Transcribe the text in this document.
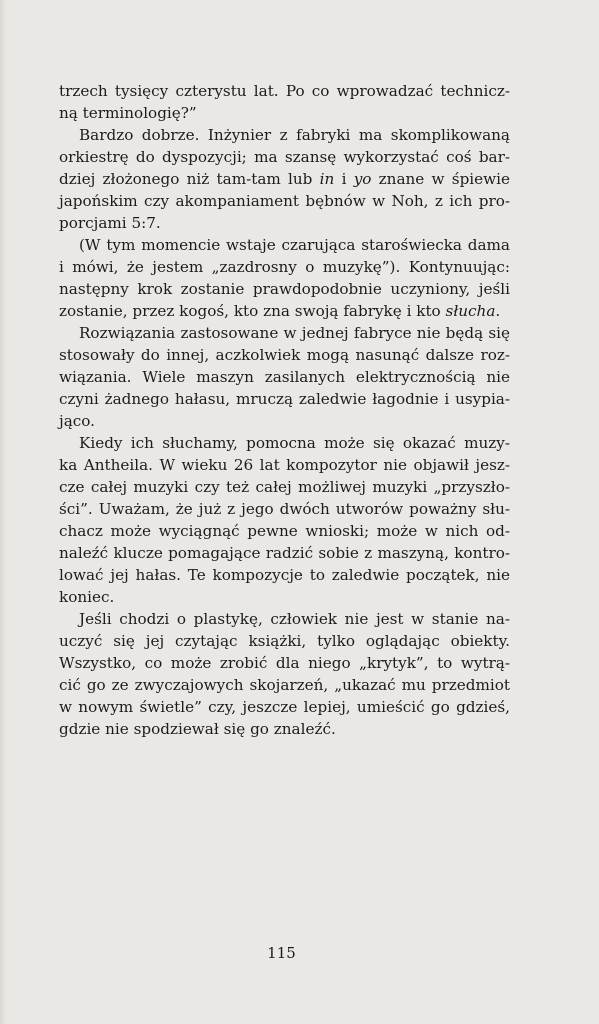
trzech tysięcy czterystu lat. Po co wprowadzać technicz-
ną terminologię?”
Bardzo dobrze. Inżynier z fabryki ma skomplikowaną
orkiestrę do dyspozycji; ma szansę wykorzystać coś bar-
dziej złożonego niż tam-tam lub in i yo znane w śpiewie
japońskim czy akompaniament bębnów w Noh, z ich pro-
porcjami 5:7.
(W tym momencie wstaje czarująca staroświecka dama
i mówi, że jestem „zazdrosny o muzykę”). Kontynuując:
następny krok zostanie prawdopodobnie uczyniony, jeśli
zostanie, przez kogoś, kto zna swoją fabrykę i kto słucha.
Rozwiązania zastosowane w jednej fabryce nie będą się
stosowały do innej, aczkolwiek mogą nasunąć dalsze roz-
wiązania. Wiele maszyn zasilanych elektrycznością nie
czyni żadnego hałasu, mruczą zaledwie łagodnie i usypia-
jąco.
Kiedy ich słuchamy, pomocna może się okazać muzy-
ka Antheila. W wieku 26 lat kompozytor nie objawił jesz-
cze całej muzyki czy też całej możliwej muzyki „przyszło-
ści”. Uważam, że już z jego dwóch utworów poważny słu-
chacz może wyciągnąć pewne wnioski; może w nich od-
naleźć klucze pomagające radzić sobie z maszyną, kontro-
lować jej hałas. Te kompozycje to zaledwie początek, nie
koniec.
Jeśli chodzi o plastykę, człowiek nie jest w stanie na-
uczyć się jej czytając książki, tylko oglądając obiekty.
Wszystko, co może zrobić dla niego „krytyk”, to wytrą-
cić go ze zwyczajowych skojarzeń, „ukazać mu przedmiot
w nowym świetle” czy, jeszcze lepiej, umieścić go gdzieś,
gdzie nie spodziewał się go znaleźć.
115
